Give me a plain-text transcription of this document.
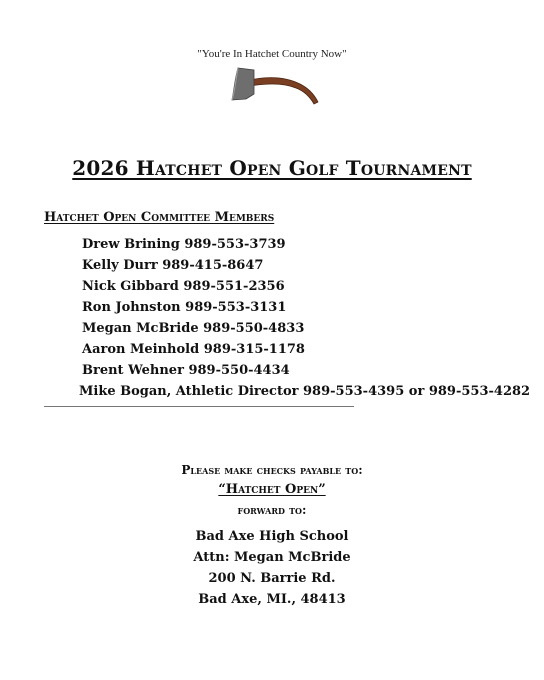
"You're In Hatchet Country Now"
2026 Hatchet Open Golf Tournament
Hatchet Open Committee Members
Drew Brining 989-553-3739
Kelly Durr 989-415-8647
Nick Gibbard 989-551-2356
Ron Johnston 989-553-3131
Megan McBride 989-550-4833
Aaron Meinhold 989-315-1178
Brent Wehner 989-550-4434
Mike Bogan, Athletic Director 989-553-4395 or 989-553-4282
Please make checks payable to:
“Hatchet Open”
forward to:
Bad Axe High School
Attn: Megan McBride
200 N. Barrie Rd.
Bad Axe, MI., 48413
